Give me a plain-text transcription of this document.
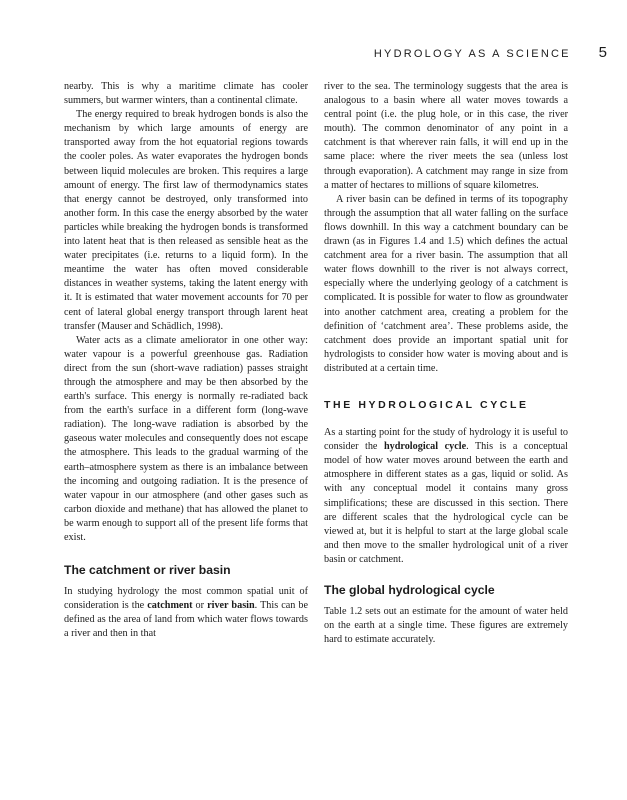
HYDROLOGY AS A SCIENCE 5

nearby. This is why a maritime climate has cooler summers, but warmer winters, than a continental climate.

The energy required to break hydrogen bonds is also the mechanism by which large amounts of energy are transported away from the hot equatorial regions towards the cooler poles. As water evaporates the hydrogen bonds between liquid molecules are broken. This requires a large amount of energy. The first law of thermodynamics states that energy cannot be destroyed, only transformed into another form. In this case the energy absorbed by the water particles while breaking the hydrogen bonds is transformed into latent heat that is then released as sensible heat as the water precipitates (i.e. returns to a liquid form). In the meantime the water has often moved considerable distances in weather systems, taking the latent energy with it. It is estimated that water movement accounts for 70 per cent of lateral global energy transport through larent heat transfer (Mauser and Schädlich, 1998).

Water acts as a climate ameliorator in one other way: water vapour is a powerful greenhouse gas. Radiation direct from the sun (short-wave radiation) passes straight through the atmosphere and may be then absorbed by the earth's surface. This energy is normally re-radiated back from the earth's surface in a different form (long-wave radiation). The long-wave radiation is absorbed by the gaseous water molecules and consequently does not escape the atmosphere. This leads to the gradual warming of the earth–atmosphere system as there is an imbalance between the incoming and outgoing radiation. It is the presence of water vapour in our atmosphere (and other gases such as carbon dioxide and methane) that has allowed the planet to be warm enough to support all of the present life forms that exist.

The catchment or river basin

In studying hydrology the most common spatial unit of consideration is the catchment or river basin. This can be defined as the area of land from which water flows towards a river and then in that

river to the sea. The terminology suggests that the area is analogous to a basin where all water moves towards a central point (i.e. the plug hole, or in this case, the river mouth). The common denominator of any point in a catchment is that wherever rain falls, it will end up in the same place: where the river meets the sea (unless lost through evaporation). A catchment may range in size from a matter of hectares to millions of square kilometres.

A river basin can be defined in terms of its topography through the assumption that all water falling on the surface flows downhill. In this way a catchment boundary can be drawn (as in Figures 1.4 and 1.5) which defines the actual catchment area for a river basin. The assumption that all water flows downhill to the river is not always correct, especially where the underlying geology of a catchment is complicated. It is possible for water to flow as groundwater into another catchment area, creating a problem for the definition of ‘catchment area’. These problems aside, the catchment does provide an important spatial unit for hydrologists to consider how water is moving about and is distributed at a certain time.

THE HYDROLOGICAL CYCLE

As a starting point for the study of hydrology it is useful to consider the hydrological cycle. This is a conceptual model of how water moves around between the earth and atmosphere in different states as a gas, liquid or solid. As with any conceptual model it contains many gross simplifications; these are discussed in this section. There are different scales that the hydrological cycle can be viewed at, but it is helpful to start at the large global scale and then move to the smaller hydrological unit of a river basin or catchment.

The global hydrological cycle

Table 1.2 sets out an estimate for the amount of water held on the earth at a single time. These figures are extremely hard to estimate accurately.
